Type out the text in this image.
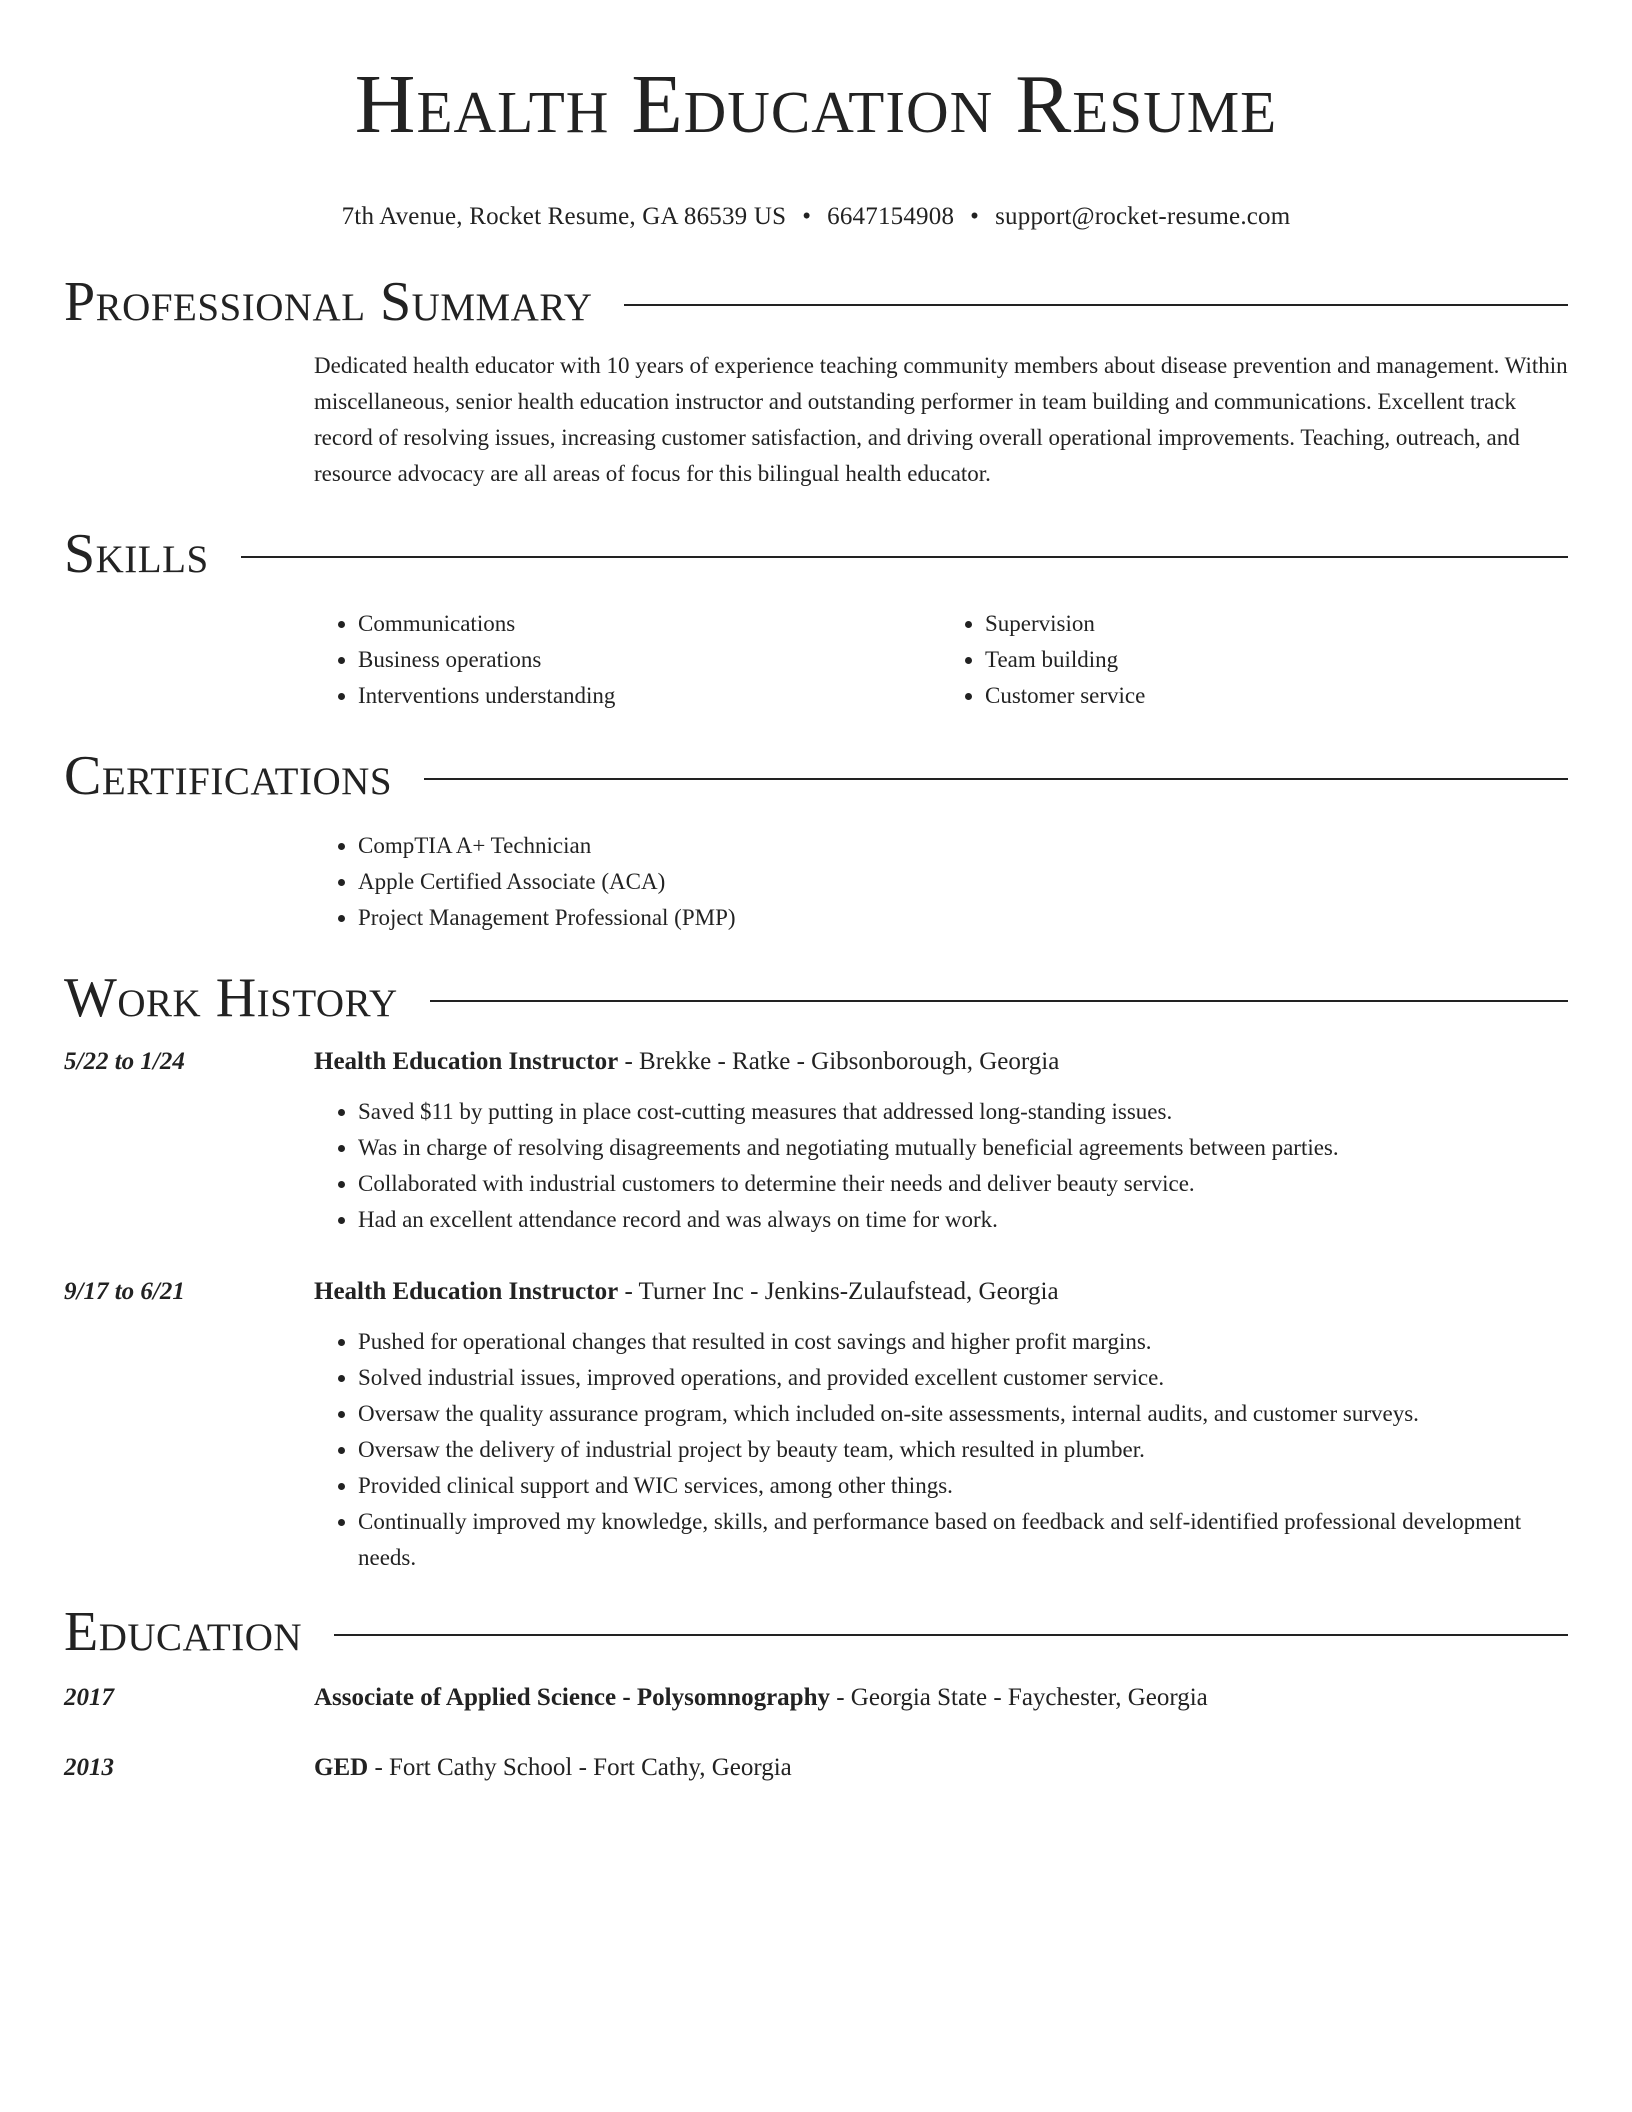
Health Education Resume
7th Avenue, Rocket Resume, GA 86539 US • 6647154908 • support@rocket-resume.com
Professional Summary
Dedicated health educator with 10 years of experience teaching community members about disease prevention and management. Within miscellaneous, senior health education instructor and outstanding performer in team building and communications. Excellent track record of resolving issues, increasing customer satisfaction, and driving overall operational improvements. Teaching, outreach, and resource advocacy are all areas of focus for this bilingual health educator.
Skills
• Communications
• Business operations
• Interventions understanding
• Supervision
• Team building
• Customer service
Certifications
• CompTIA A+ Technician
• Apple Certified Associate (ACA)
• Project Management Professional (PMP)
Work History
5/22 to 1/24	Health Education Instructor - Brekke - Ratke - Gibsonborough, Georgia
• Saved $11 by putting in place cost-cutting measures that addressed long-standing issues.
• Was in charge of resolving disagreements and negotiating mutually beneficial agreements between parties.
• Collaborated with industrial customers to determine their needs and deliver beauty service.
• Had an excellent attendance record and was always on time for work.
9/17 to 6/21	Health Education Instructor - Turner Inc - Jenkins-Zulaufstead, Georgia
• Pushed for operational changes that resulted in cost savings and higher profit margins.
• Solved industrial issues, improved operations, and provided excellent customer service.
• Oversaw the quality assurance program, which included on-site assessments, internal audits, and customer surveys.
• Oversaw the delivery of industrial project by beauty team, which resulted in plumber.
• Provided clinical support and WIC services, among other things.
• Continually improved my knowledge, skills, and performance based on feedback and self-identified professional development needs.
Education
2017	Associate of Applied Science - Polysomnography - Georgia State - Faychester, Georgia
2013	GED - Fort Cathy School - Fort Cathy, Georgia
